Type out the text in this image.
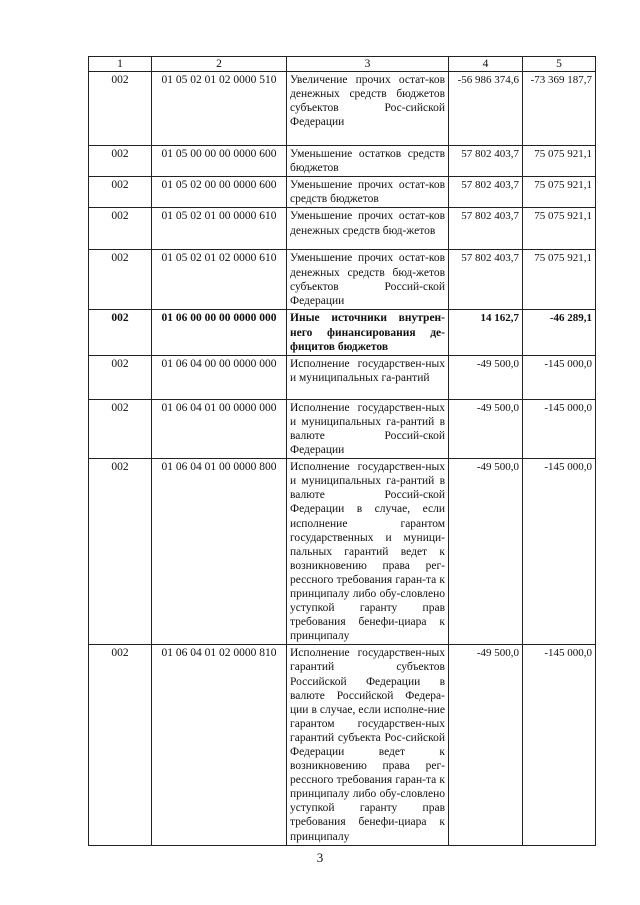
1	2	3	4	5
002	01 05 02 01 02 0000 510	Увеличение прочих остат-ков денежных средств бюджетов субъектов Рос-сийской Федерации	-56 986 374,6	-73 369 187,7
002	01 05 00 00 00 0000 600	Уменьшение остатков средств бюджетов	57 802 403,7	75 075 921,1
002	01 05 02 00 00 0000 600	Уменьшение прочих остат-ков средств бюджетов	57 802 403,7	75 075 921,1
002	01 05 02 01 00 0000 610	Уменьшение прочих остат-ков денежных средств бюд-жетов	57 802 403,7	75 075 921,1
002	01 05 02 01 02 0000 610	Уменьшение прочих остат-ков денежных средств бюд-жетов субъектов Россий-ской Федерации	57 802 403,7	75 075 921,1
002	01 06 00 00 00 0000 000	Иные источники внутрен-него финансирования де-фицитов бюджетов	14 162,7	-46 289,1
002	01 06 04 00 00 0000 000	Исполнение государствен-ных и муниципальных га-рантий	-49 500,0	-145 000,0
002	01 06 04 01 00 0000 000	Исполнение государствен-ных и муниципальных га-рантий в валюте Россий-ской Федерации	-49 500,0	-145 000,0
002	01 06 04 01 00 0000 800	Исполнение государствен-ных и муниципальных га-рантий в валюте Россий-ской Федерации в случае, если исполнение гарантом государственных и муници-пальных гарантий ведет к возникновению права рег-рессного требования гаран-та к принципалу либо обу-словлено уступкой гаранту прав требования бенефи-циара к принципалу	-49 500,0	-145 000,0
002	01 06 04 01 02 0000 810	Исполнение государствен-ных гарантий субъектов Российской Федерации в валюте Российской Федера-ции в случае, если исполне-ние гарантом государствен-ных гарантий субъекта Рос-сийской Федерации ведет к возникновению права рег-рессного требования гаран-та к принципалу либо обу-словлено уступкой гаранту прав требования бенефи-циара к принципалу	-49 500,0	-145 000,0
3
